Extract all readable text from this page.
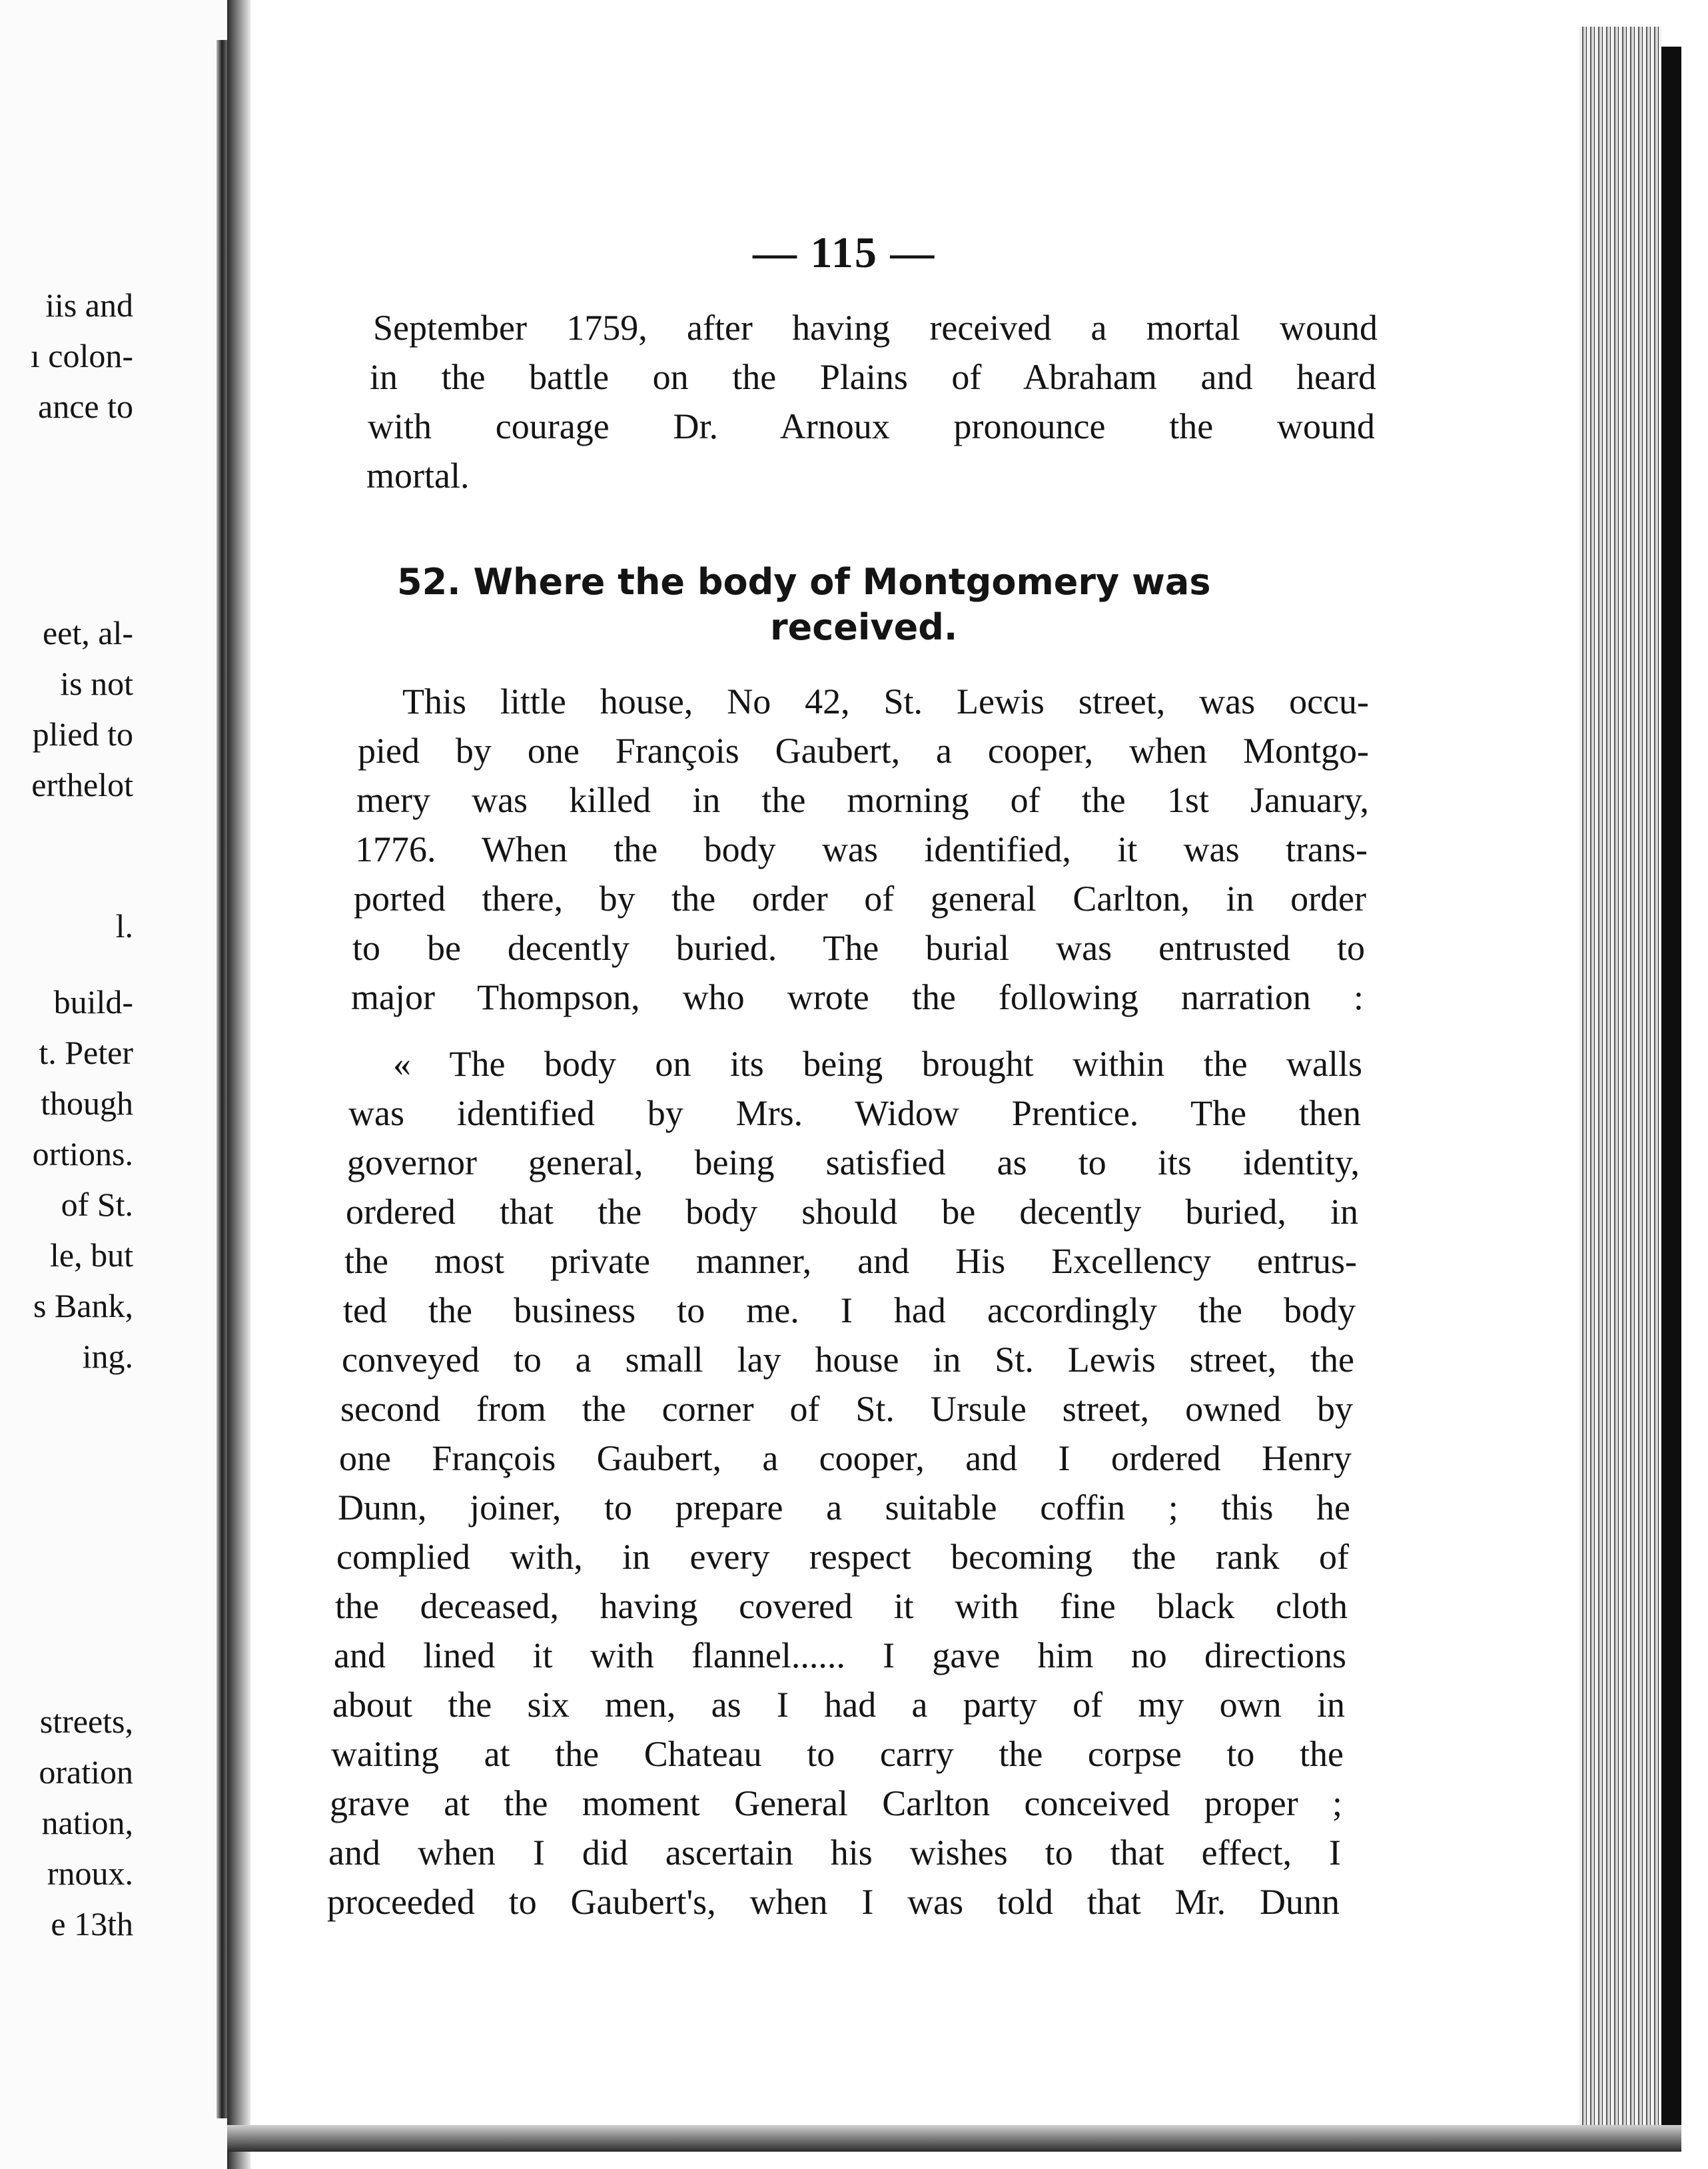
iis and
ı colon-
ance to
eet, al-
is not
plied to
erthelot
l.
build-
t. Peter
though
ortions.
of St.
le, but
s Bank,
ing.
streets,
oration
nation,
rnoux.
e 13th
— 115 —
September 1759, after having received a mortal wound
in the battle on the Plains of Abraham and heard
with courage Dr. Arnoux pronounce the wound
mortal.
52. Where the body of Montgomery was
received.
This little house, No 42, St. Lewis street, was occu-
pied by one François Gaubert, a cooper, when Montgo-
mery was killed in the morning of the 1st January,
1776. When the body was identified, it was trans-
ported there, by the order of general Carlton, in order
to be decently buried. The burial was entrusted to
major Thompson, who wrote the following narration :
« The body on its being brought within the walls
was identified by Mrs. Widow Prentice. The then
governor general, being satisfied as to its identity,
ordered that the body should be decently buried, in
the most private manner, and His Excellency entrus-
ted the business to me. I had accordingly the body
conveyed to a small lay house in St. Lewis street, the
second from the corner of St. Ursule street, owned by
one François Gaubert, a cooper, and I ordered Henry
Dunn, joiner, to prepare a suitable coffin ; this he
complied with, in every respect becoming the rank of
the deceased, having covered it with fine black cloth
and lined it with flannel...... I gave him no directions
about the six men, as I had a party of my own in
waiting at the Chateau to carry the corpse to the
grave at the moment General Carlton conceived proper ;
and when I did ascertain his wishes to that effect, I
proceeded to Gaubert's, when I was told that Mr. Dunn
